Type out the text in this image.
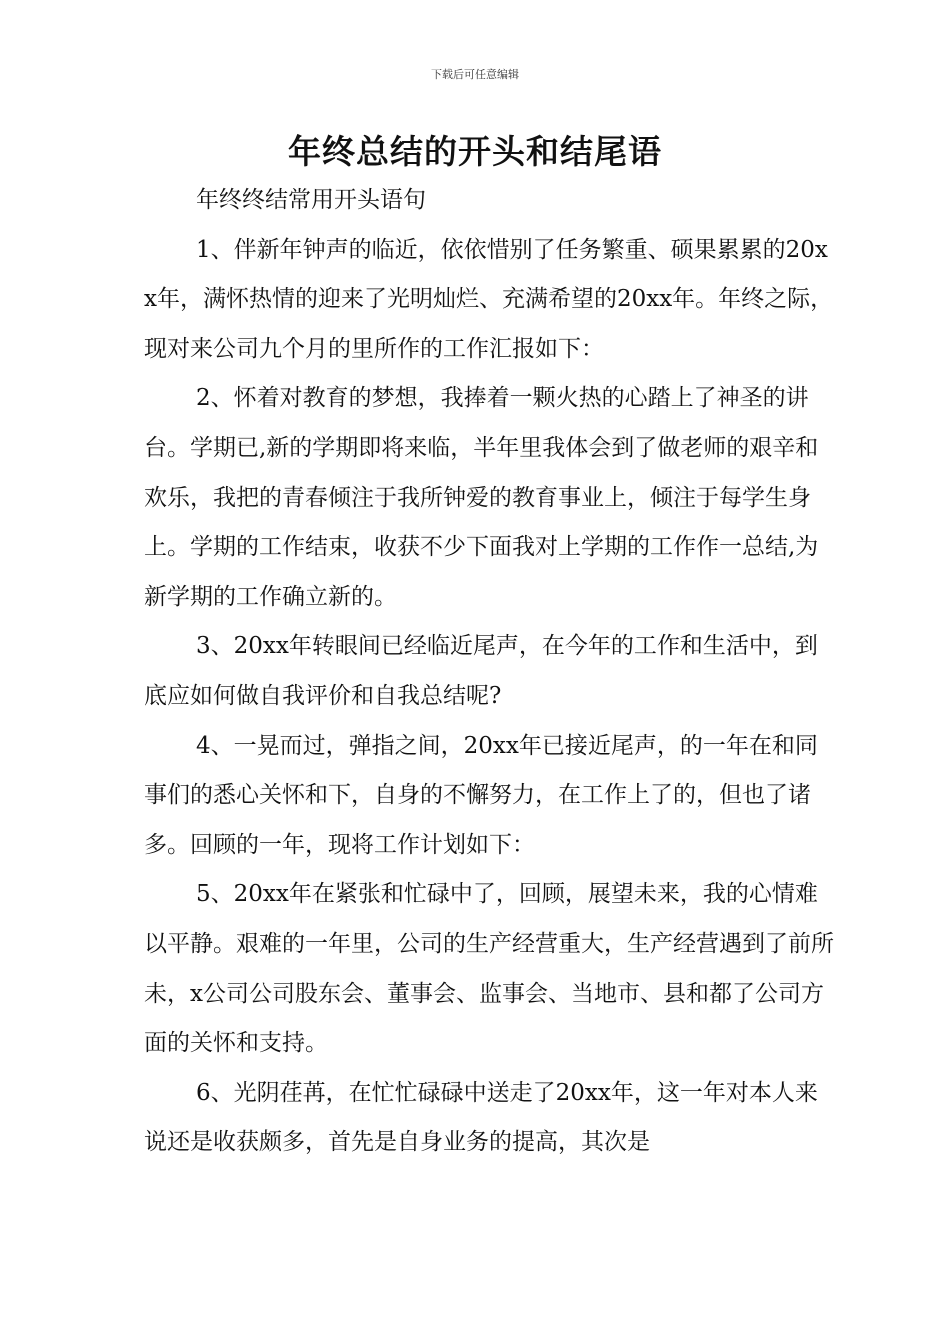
下载后可任意编辑
年终总结的开头和结尾语

年终终结常用开头语句

1、伴新年钟声的临近，依依惜别了任务繁重、硕果累累的20xx年，满怀热情的迎来了光明灿烂、充满希望的20xx年。年终之际，现对来公司九个月的里所作的工作汇报如下：

2、怀着对教育的梦想，我捧着一颗火热的心踏上了神圣的讲台。学期已,新的学期即将来临，半年里我体会到了做老师的艰辛和欢乐，我把的青春倾注于我所钟爱的教育事业上，倾注于每学生身上。学期的工作结束，收获不少下面我对上学期的工作作一总结,为新学期的工作确立新的。

3、20xx年转眼间已经临近尾声，在今年的工作和生活中，到底应如何做自我评价和自我总结呢?

4、一晃而过，弹指之间，20xx年已接近尾声，的一年在和同事们的悉心关怀和下，自身的不懈努力，在工作上了的，但也了诸多。回顾的一年，现将工作计划如下：

5、20xx年在紧张和忙碌中了，回顾，展望未来，我的心情难以平静。艰难的一年里，公司的生产经营重大，生产经营遇到了前所未，x公司公司股东会、董事会、监事会、当地市、县和都了公司方面的关怀和支持。

6、光阴荏苒，在忙忙碌碌中送走了20xx年，这一年对本人来说还是收获颇多，首先是自身业务的提高，其次是
